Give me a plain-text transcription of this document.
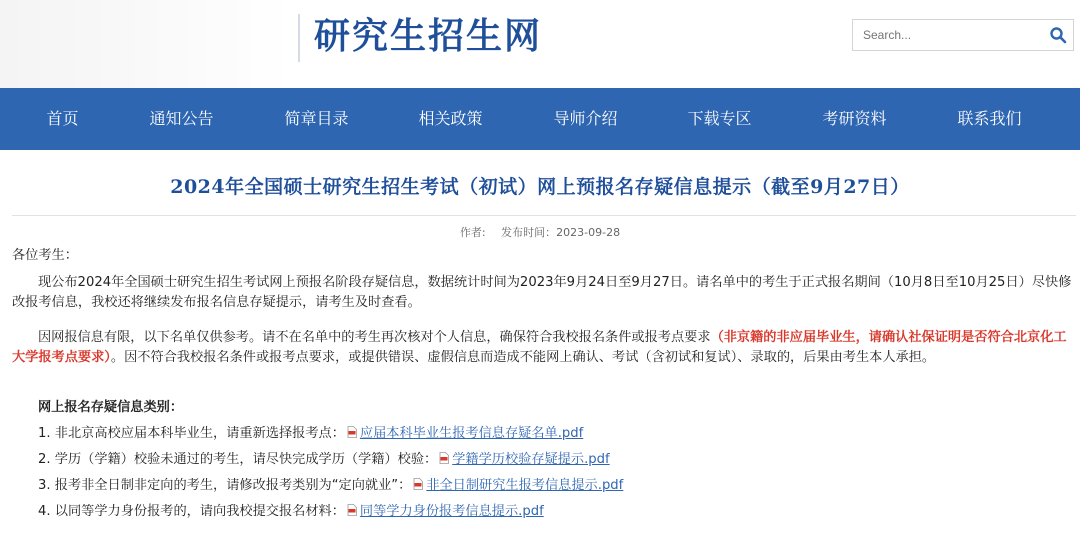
研究生招生网
Search...
首页	通知公告	简章目录	相关政策	导师介绍	下载专区	考研资料	联系我们
2024年全国硕士研究生招生考试（初试）网上预报名存疑信息提示（截至9月27日）
作者: 发布时间：2023-09-28
各位考生：
现公布2024年全国硕士研究生招生考试网上预报名阶段存疑信息，数据统计时间为2023年9月24日至9月27日。请名单中的考生于正式报名期间（10月8日至10月25日）尽快修改报考信息，我校还将继续发布报名信息存疑提示，请考生及时查看。
因网报信息有限，以下名单仅供参考。请不在名单中的考生再次核对个人信息，确保符合我校报名条件或报考点要求（非京籍的非应届毕业生，请确认社保证明是否符合北京化工大学报考点要求）。因不符合我校报名条件或报考点要求，或提供错误、虚假信息而造成不能网上确认、考试（含初试和复试）、录取的，后果由考生本人承担。
网上报名存疑信息类别：
1. 非北京高校应届本科毕业生，请重新选择报考点： 应届本科毕业生报考信息存疑名单.pdf
2. 学历（学籍）校验未通过的考生，请尽快完成学历（学籍）校验： 学籍学历校验存疑提示.pdf
3. 报考非全日制非定向的考生，请修改报考类别为“定向就业”： 非全日制研究生报考信息提示.pdf
4. 以同等学力身份报考的，请向我校提交报名材料： 同等学力身份报考信息提示.pdf
